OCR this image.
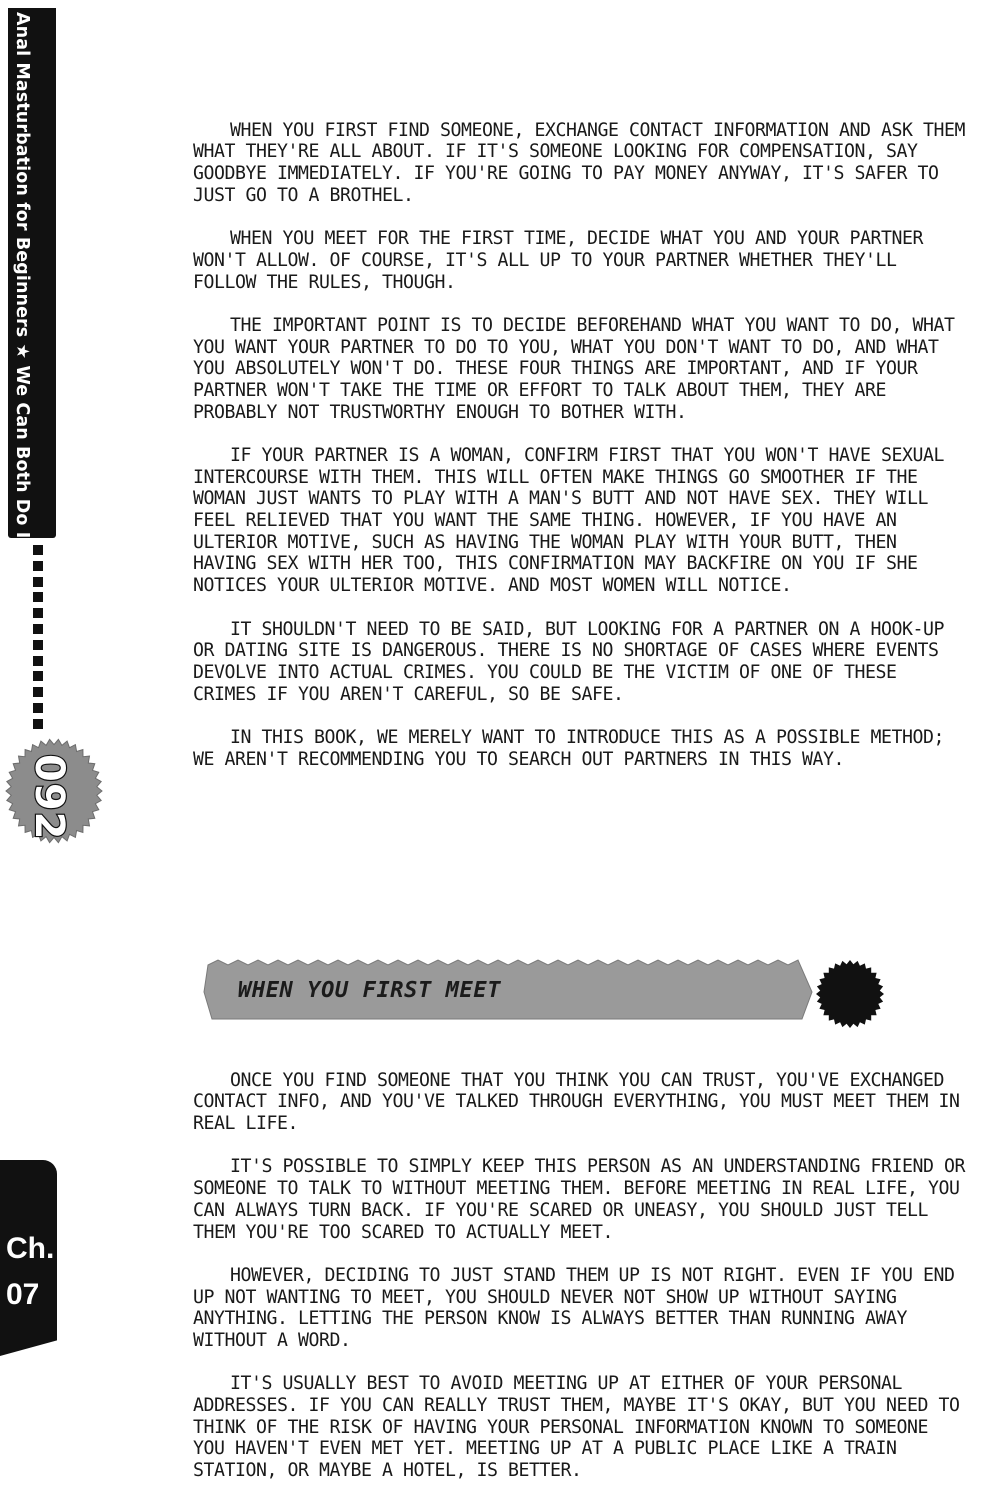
Anal Masturbation for Beginners ★ We Can Both Do It Together!
092
Ch.
07

WHEN YOU FIRST FIND SOMEONE, EXCHANGE CONTACT INFORMATION AND ASK THEM WHAT THEY'RE ALL ABOUT. IF IT'S SOMEONE LOOKING FOR COMPENSATION, SAY GOODBYE IMMEDIATELY. IF YOU'RE GOING TO PAY MONEY ANYWAY, IT'S SAFER TO JUST GO TO A BROTHEL.

WHEN YOU MEET FOR THE FIRST TIME, DECIDE WHAT YOU AND YOUR PARTNER WON'T ALLOW. OF COURSE, IT'S ALL UP TO YOUR PARTNER WHETHER THEY'LL FOLLOW THE RULES, THOUGH.

THE IMPORTANT POINT IS TO DECIDE BEFOREHAND WHAT YOU WANT TO DO, WHAT YOU WANT YOUR PARTNER TO DO TO YOU, WHAT YOU DON'T WANT TO DO, AND WHAT YOU ABSOLUTELY WON'T DO. THESE FOUR THINGS ARE IMPORTANT, AND IF YOUR PARTNER WON'T TAKE THE TIME OR EFFORT TO TALK ABOUT THEM, THEY ARE PROBABLY NOT TRUSTWORTHY ENOUGH TO BOTHER WITH.

IF YOUR PARTNER IS A WOMAN, CONFIRM FIRST THAT YOU WON'T HAVE SEXUAL INTERCOURSE WITH THEM. THIS WILL OFTEN MAKE THINGS GO SMOOTHER IF THE WOMAN JUST WANTS TO PLAY WITH A MAN'S BUTT AND NOT HAVE SEX. THEY WILL FEEL RELIEVED THAT YOU WANT THE SAME THING. HOWEVER, IF YOU HAVE AN ULTERIOR MOTIVE, SUCH AS HAVING THE WOMAN PLAY WITH YOUR BUTT, THEN HAVING SEX WITH HER TOO, THIS CONFIRMATION MAY BACKFIRE ON YOU IF SHE NOTICES YOUR ULTERIOR MOTIVE. AND MOST WOMEN WILL NOTICE.

IT SHOULDN'T NEED TO BE SAID, BUT LOOKING FOR A PARTNER ON A HOOK-UP OR DATING SITE IS DANGEROUS. THERE IS NO SHORTAGE OF CASES WHERE EVENTS DEVOLVE INTO ACTUAL CRIMES. YOU COULD BE THE VICTIM OF ONE OF THESE CRIMES IF YOU AREN'T CAREFUL, SO BE SAFE.

IN THIS BOOK, WE MERELY WANT TO INTRODUCE THIS AS A POSSIBLE METHOD; WE AREN'T RECOMMENDING YOU TO SEARCH OUT PARTNERS IN THIS WAY.

WHEN YOU FIRST MEET

ONCE YOU FIND SOMEONE THAT YOU THINK YOU CAN TRUST, YOU'VE EXCHANGED CONTACT INFO, AND YOU'VE TALKED THROUGH EVERYTHING, YOU MUST MEET THEM IN REAL LIFE.

IT'S POSSIBLE TO SIMPLY KEEP THIS PERSON AS AN UNDERSTANDING FRIEND OR SOMEONE TO TALK TO WITHOUT MEETING THEM. BEFORE MEETING IN REAL LIFE, YOU CAN ALWAYS TURN BACK. IF YOU'RE SCARED OR UNEASY, YOU SHOULD JUST TELL THEM YOU'RE TOO SCARED TO ACTUALLY MEET.

HOWEVER, DECIDING TO JUST STAND THEM UP IS NOT RIGHT. EVEN IF YOU END UP NOT WANTING TO MEET, YOU SHOULD NEVER NOT SHOW UP WITHOUT SAYING ANYTHING. LETTING THE PERSON KNOW IS ALWAYS BETTER THAN RUNNING AWAY WITHOUT A WORD.

IT'S USUALLY BEST TO AVOID MEETING UP AT EITHER OF YOUR PERSONAL ADDRESSES. IF YOU CAN REALLY TRUST THEM, MAYBE IT'S OKAY, BUT YOU NEED TO THINK OF THE RISK OF HAVING YOUR PERSONAL INFORMATION KNOWN TO SOMEONE YOU HAVEN'T EVEN MET YET. MEETING UP AT A PUBLIC PLACE LIKE A TRAIN STATION, OR MAYBE A HOTEL, IS BETTER.
